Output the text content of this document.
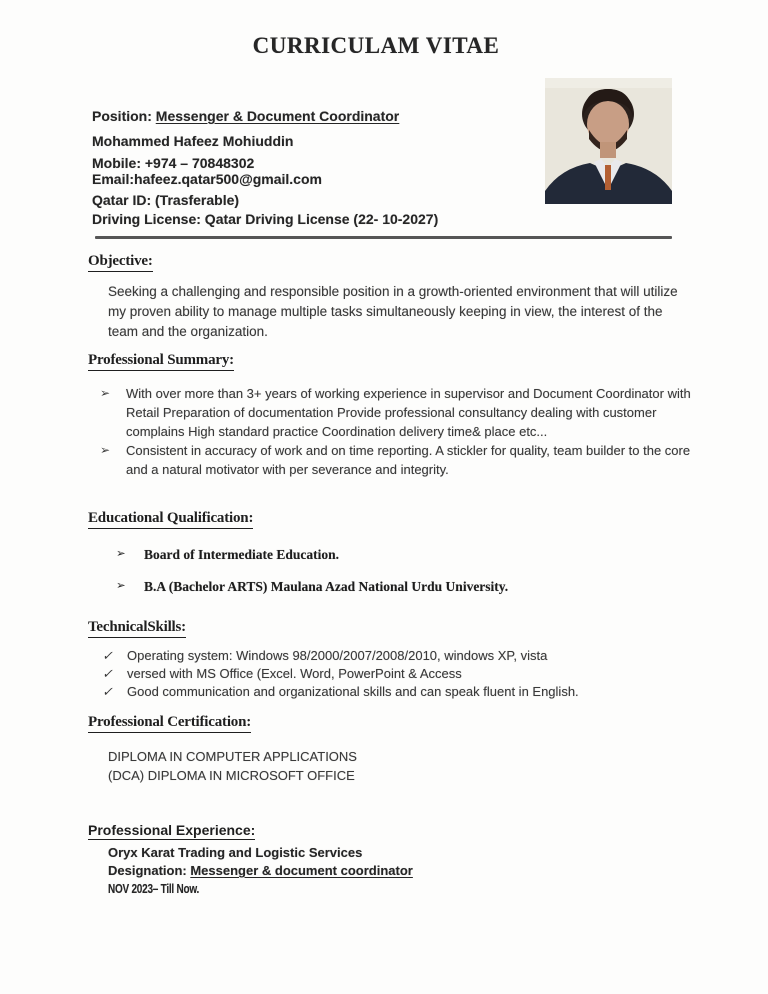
CURRICULAM VITAE
Position: Messenger & Document Coordinator
Mohammed Hafeez Mohiuddin
Mobile: +974 – 70848302
Email:hafeez.qatar500@gmail.com
Qatar ID: (Trasferable)
Driving License: Qatar Driving License (22- 10-2027)
Objective:
Seeking a challenging and responsible position in a growth-oriented environment that will utilize my proven ability to manage multiple tasks simultaneously keeping in view, the interest of the team and the organization.
Professional Summary:
➢	With over more than 3+ years of working experience in supervisor and Document Coordinator with Retail Preparation of documentation Provide professional consultancy dealing with customer complains High standard practice Coordination delivery time& place etc...
➢	Consistent in accuracy of work and on time reporting. A stickler for quality, team builder to the core and a natural motivator with per severance and integrity.
Educational Qualification:
➢	Board of Intermediate Education.
➢	B.A (Bachelor ARTS) Maulana Azad National Urdu University.
TechnicalSkills:
✓	Operating system: Windows 98/2000/2007/2008/2010, windows XP, vista
✓	versed with MS Office (Excel. Word, PowerPoint & Access
✓	Good communication and organizational skills and can speak fluent in English.
Professional Certification:
DIPLOMA IN COMPUTER APPLICATIONS
(DCA) DIPLOMA IN MICROSOFT OFFICE
Professional Experience:
Oryx Karat Trading and Logistic Services
Designation: Messenger & document coordinator
NOV 2023– Till Now.
